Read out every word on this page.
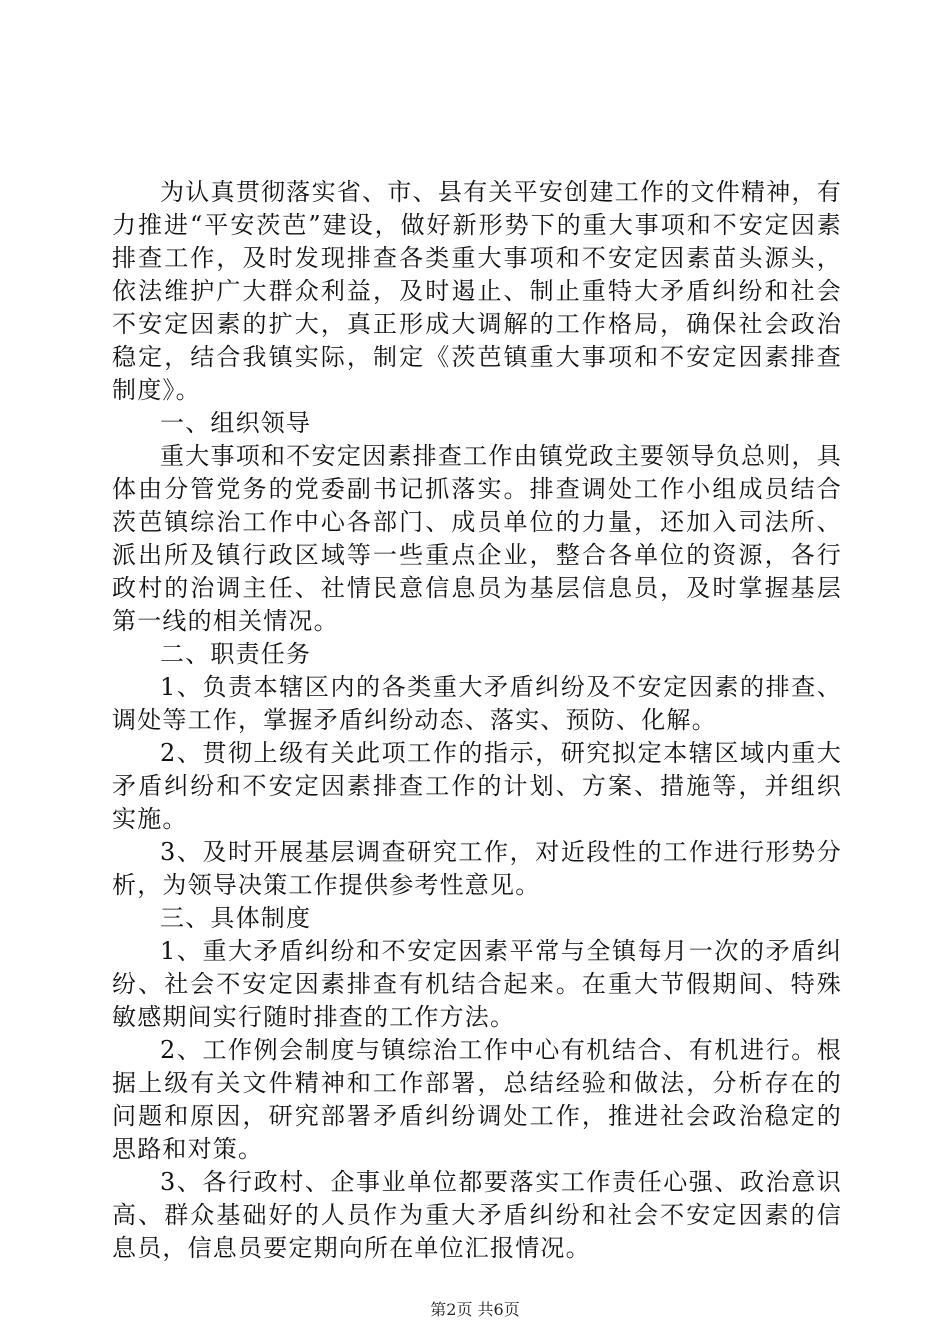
为认真贯彻落实省、市、县有关平安创建工作的文件精神，有力推进“平安茨芭”建设，做好新形势下的重大事项和不安定因素排查工作，及时发现排查各类重大事项和不安定因素苗头源头，依法维护广大群众利益，及时遏止、制止重特大矛盾纠纷和社会不安定因素的扩大，真正形成大调解的工作格局，确保社会政治稳定，结合我镇实际，制定《茨芭镇重大事项和不安定因素排查制度》。

一、组织领导

重大事项和不安定因素排查工作由镇党政主要领导负总则，具体由分管党务的党委副书记抓落实。排查调处工作小组成员结合茨芭镇综治工作中心各部门、成员单位的力量，还加入司法所、派出所及镇行政区域等一些重点企业，整合各单位的资源，各行政村的治调主任、社情民意信息员为基层信息员，及时掌握基层第一线的相关情况。

二、职责任务

1、负责本辖区内的各类重大矛盾纠纷及不安定因素的排查、调处等工作，掌握矛盾纠纷动态、落实、预防、化解。

2、贯彻上级有关此项工作的指示，研究拟定本辖区域内重大矛盾纠纷和不安定因素排查工作的计划、方案、措施等，并组织实施。

3、及时开展基层调查研究工作，对近段性的工作进行形势分析，为领导决策工作提供参考性意见。

三、具体制度

1、重大矛盾纠纷和不安定因素平常与全镇每月一次的矛盾纠纷、社会不安定因素排查有机结合起来。在重大节假期间、特殊敏感期间实行随时排查的工作方法。

2、工作例会制度与镇综治工作中心有机结合、有机进行。根据上级有关文件精神和工作部署，总结经验和做法，分析存在的问题和原因，研究部署矛盾纠纷调处工作，推进社会政治稳定的思路和对策。

3、各行政村、企事业单位都要落实工作责任心强、政治意识高、群众基础好的人员作为重大矛盾纠纷和社会不安定因素的信息员，信息员要定期向所在单位汇报情况。

第2页 共6页
